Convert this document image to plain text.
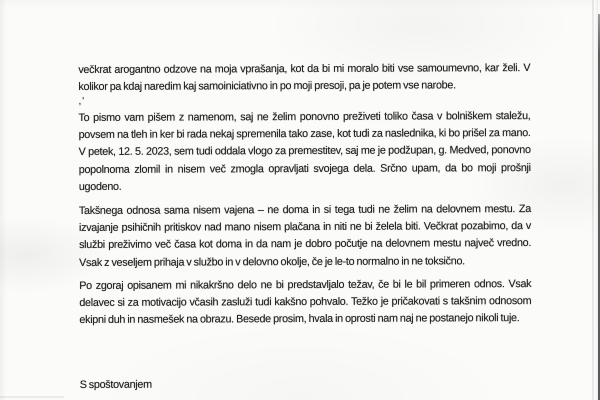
večkrat arogantno odzove na moja vprašanja, kot da bi mi moralo biti vse samoumevno, kar želi. V kolikor pa kdaj naredim kaj samoiniciativno in po moji presoji, pa je potem vse narobe.

,'

To pismo vam pišem z namenom, saj ne želim ponovno preživeti toliko časa v bolniškem staležu, povsem na tleh in ker bi rada nekaj spremenila tako zase, kot tudi za naslednika, ki bo prišel za mano. V petek, 12. 5. 2023, sem tudi oddala vlogo za premestitev, saj me je podžupan, g. Medved, ponovno popolnoma zlomil in nisem več zmogla opravljati svojega dela. Srčno upam, da bo moji prošnji ugodeno.

Takšnega odnosa sama nisem vajena – ne doma in si tega tudi ne želim na delovnem mestu. Za izvajanje psihičnih pritiskov nad mano nisem plačana in niti ne bi želela biti. Večkrat pozabimo, da v službi preživimo več časa kot doma in da nam je dobro počutje na delovnem mestu največ vredno. Vsak z veseljem prihaja v službo in v delovno okolje, če je le-to normalno in ne toksično.

Po zgoraj opisanem mi nikakršno delo ne bi predstavljalo težav, če bi le bil primeren odnos. Vsak delavec si za motivacijo včasih zasluži tudi kakšno pohvalo. Težko je pričakovati s takšnim odnosom ekipni duh in nasmešek na obrazu. Besede prosim, hvala in oprosti nam naj ne postanejo nikoli tuje.

S spoštovanjem
